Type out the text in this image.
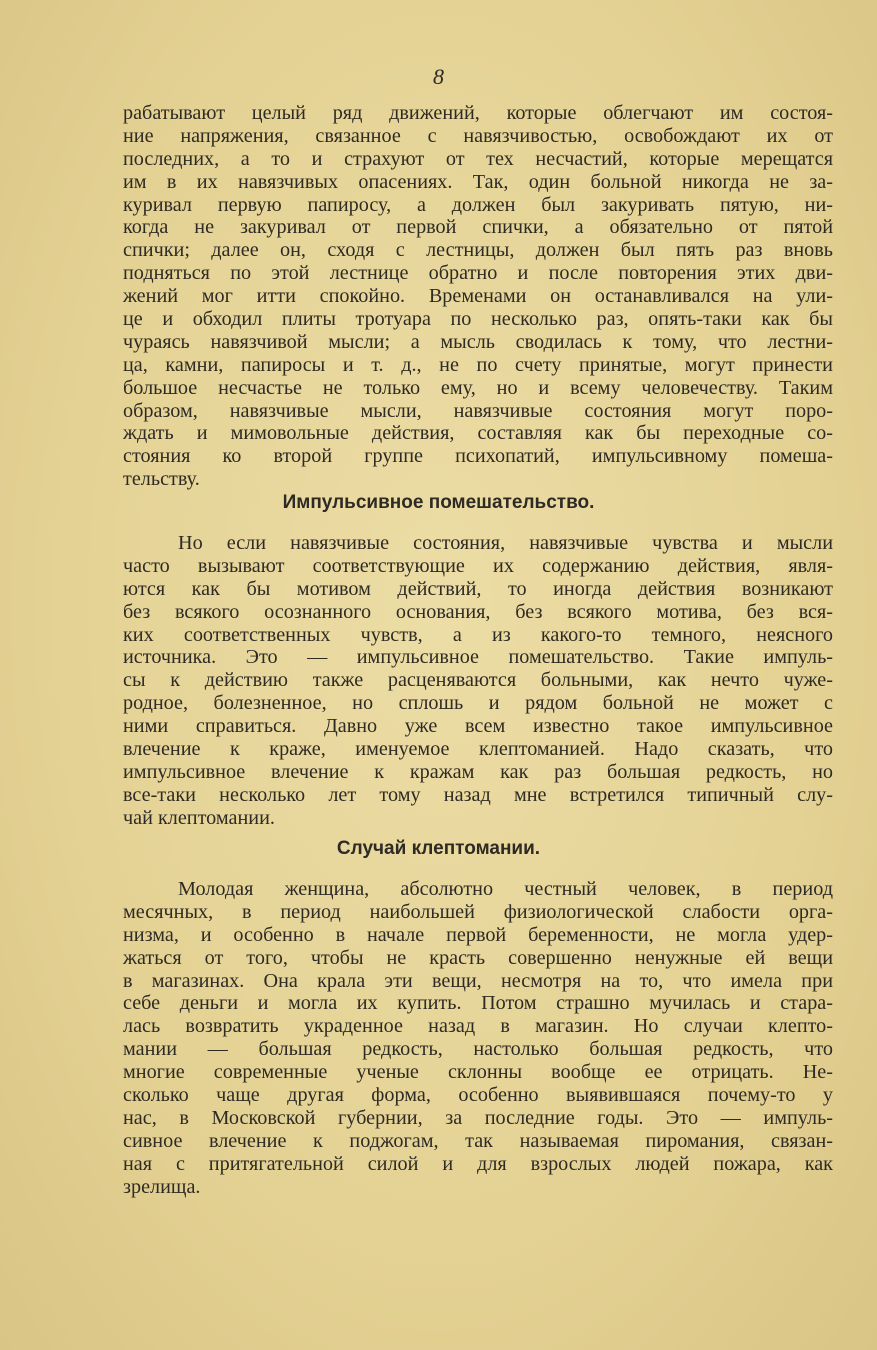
8
рабатывают целый ряд движений, которые облегчают им состоя-
ние напряжения, связанное с навязчивостью, освобождают их от
последних, а то и страхуют от тех несчастий, которые мерещатся
им в их навязчивых опасениях. Так, один больной никогда не за-
куривал первую папиросу, а должен был закуривать пятую, ни-
когда не закуривал от первой спички, а обязательно от пятой
спички; далее он, сходя с лестницы, должен был пять раз вновь
подняться по этой лестнице обратно и после повторения этих дви-
жений мог итти спокойно. Временами он останавливался на ули-
це и обходил плиты тротуара по несколько раз, опять-таки как бы
чураясь навязчивой мысли; а мысль сводилась к тому, что лестни-
ца, камни, папиросы и т. д., не по счету принятые, могут принести
большое несчастье не только ему, но и всему человечеству. Таким
образом, навязчивые мысли, навязчивые состояния могут поро-
ждать и мимовольные действия, составляя как бы переходные со-
стояния ко второй группе психопатий, импульсивному помеша-
тельству.
Импульсивное помешательство.
Но если навязчивые состояния, навязчивые чувства и мысли
часто вызывают соответствующие их содержанию действия, явля-
ются как бы мотивом действий, то иногда действия возникают
без всякого осознанного основания, без всякого мотива, без вся-
ких соответственных чувств, а из какого-то темного, неясного
источника. Это — импульсивное помешательство. Такие импуль-
сы к действию также расценяваются больными, как нечто чуже-
родное, болезненное, но сплошь и рядом больной не может с
ними справиться. Давно уже всем известно такое импульсивное
влечение к краже, именуемое клептоманией. Надо сказать, что
импульсивное влечение к кражам как раз большая редкость, но
все-таки несколько лет тому назад мне встретился типичный слу-
чай клептомании.
Случай клептомании.
Молодая женщина, абсолютно честный человек, в период
месячных, в период наибольшей физиологической слабости орга-
низма, и особенно в начале первой беременности, не могла удер-
жаться от того, чтобы не красть совершенно ненужные ей вещи
в магазинах. Она крала эти вещи, несмотря на то, что имела при
себе деньги и могла их купить. Потом страшно мучилась и стара-
лась возвратить украденное назад в магазин. Но случаи клепто-
мании — большая редкость, настолько большая редкость, что
многие современные ученые склонны вообще ее отрицать. Не-
сколько чаще другая форма, особенно выявившаяся почему-то у
нас, в Московской губернии, за последние годы. Это — импуль-
сивное влечение к поджогам, так называемая пиромания, связан-
ная с притягательной силой и для взрослых людей пожара, как
зрелища.
